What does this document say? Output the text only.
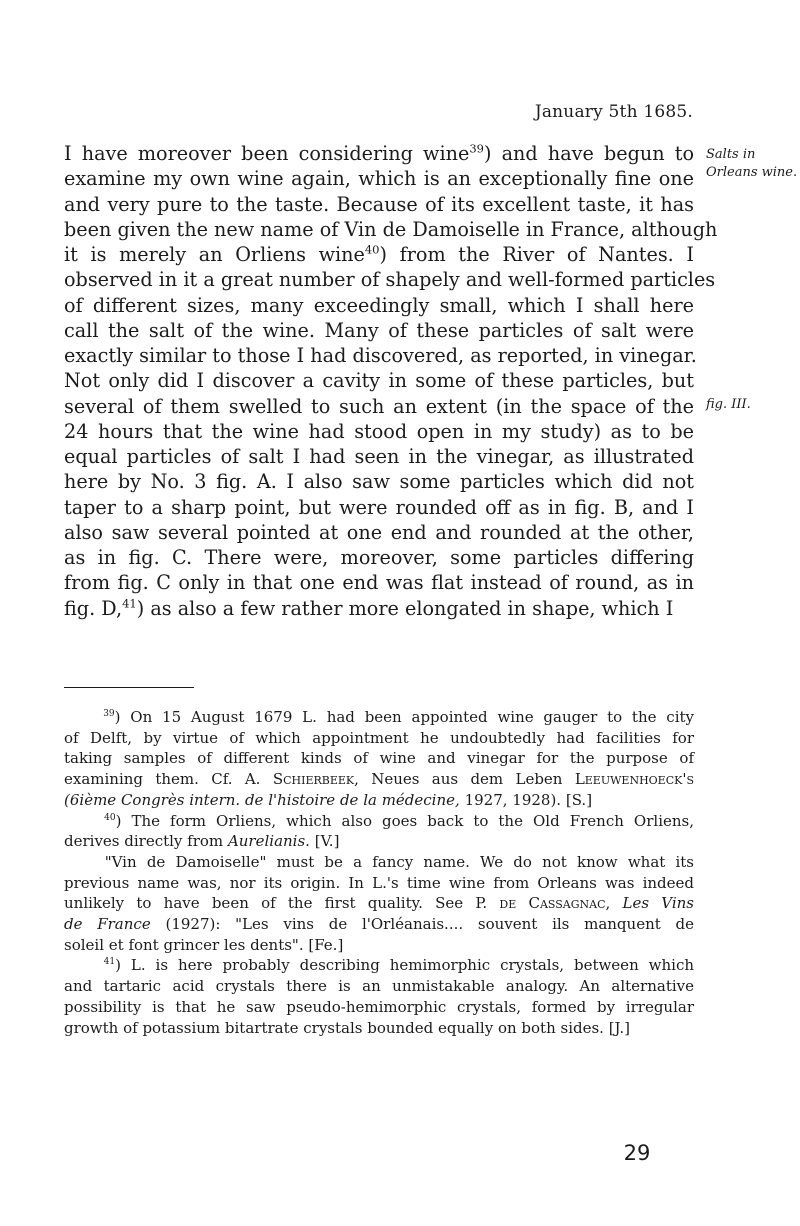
January 5th 1685.
I have moreover been considering wine$^{39}$) and have begun to
examine my own wine again, which is an exceptionally fine one
and very pure to the taste. Because of its excellent taste, it has
been given the new name of Vin de Damoiselle in France, although
it is merely an Orliens wine$^{40}$) from the River of Nantes. I
observed in it a great number of shapely and well-formed particles
of different sizes, many exceedingly small, which I shall here
call the salt of the wine. Many of these particles of salt were
exactly similar to those I had discovered, as reported, in vinegar.
Not only did I discover a cavity in some of these particles, but
several of them swelled to such an extent (in the space of the
24 hours that the wine had stood open in my study) as to be
equal particles of salt I had seen in the vinegar, as illustrated
here by No. 3 fig. A. I also saw some particles which did not
taper to a sharp point, but were rounded off as in fig. B, and I
also saw several pointed at one end and rounded at the other,
as in fig. C. There were, moreover, some particles differing
from fig. C only in that one end was flat instead of round, as in
fig. D,$^{41}$) as also a few rather more elongated in shape, which I
Salts in
Orleans wine.
fig. III.
$^{39}$) On 15 August 1679 L. had been appointed wine gauger to the city
of Delft, by virtue of which appointment he undoubtedly had facilities for
taking samples of different kinds of wine and vinegar for the purpose of
examining them. Cf. A. Schierbeek, Neues aus dem Leben Leeuwenhoeck's
(6ième Congrès intern. de l'histoire de la médecine, 1927, 1928). [S.]
$^{40}$) The form Orliens, which also goes back to the Old French Orliens,
derives directly from Aurelianis. [V.]
"Vin de Damoiselle" must be a fancy name. We do not know what its
previous name was, nor its origin. In L.'s time wine from Orleans was indeed
unlikely to have been of the first quality. See P. de Cassagnac, Les Vins
de France (1927): "Les vins de l'Orléanais.... souvent ils manquent de
soleil et font grincer les dents". [Fe.]
$^{41}$) L. is here probably describing hemimorphic crystals, between which
and tartaric acid crystals there is an unmistakable analogy. An alternative
possibility is that he saw pseudo-hemimorphic crystals, formed by irregular
growth of potassium bitartrate crystals bounded equally on both sides. [J.]
29
